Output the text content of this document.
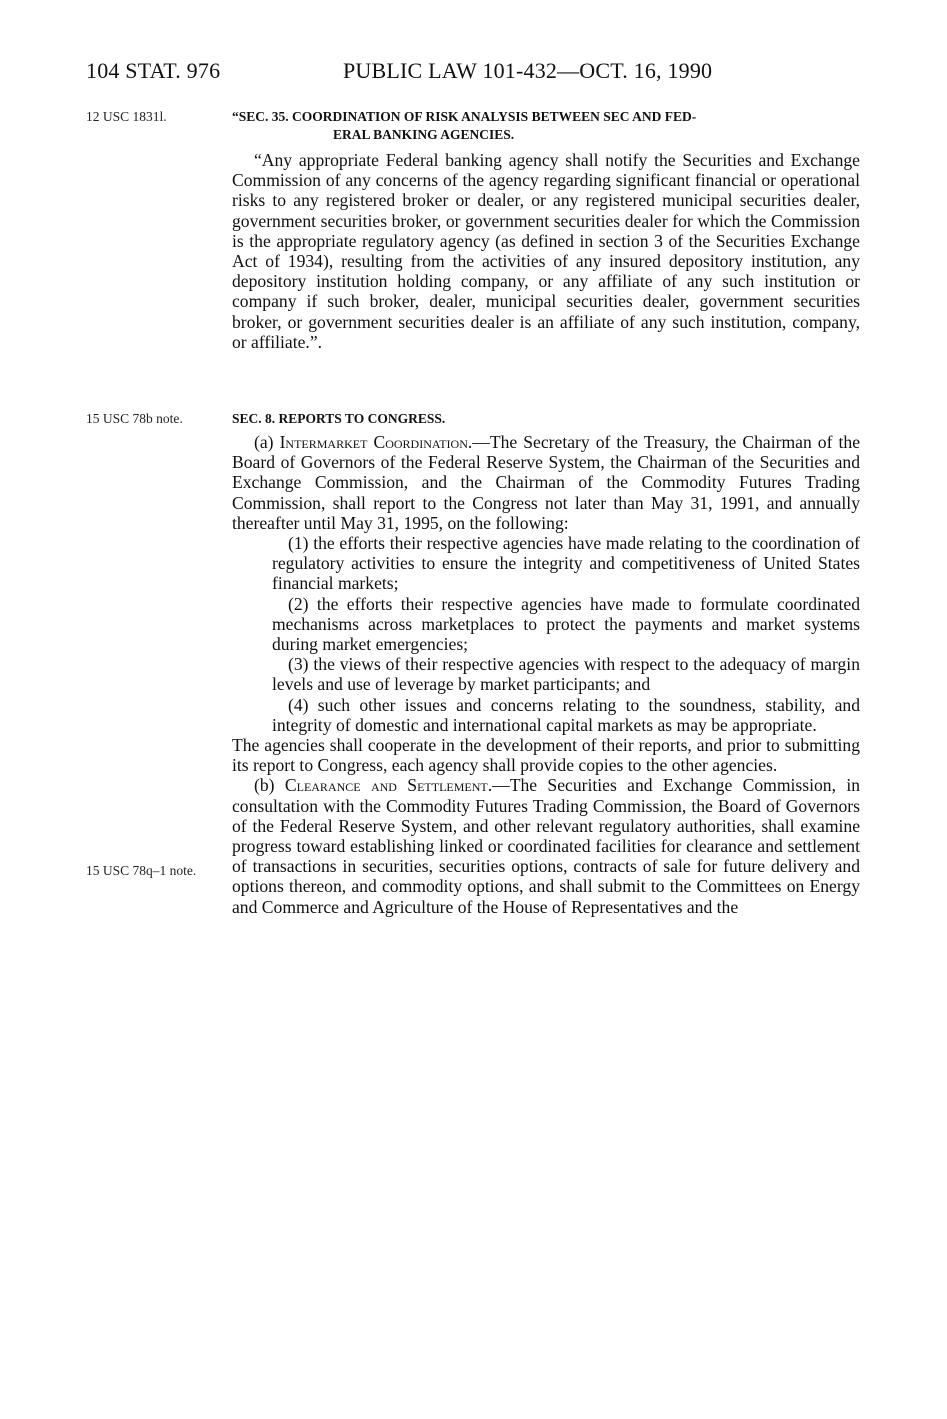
104 STAT. 976	PUBLIC LAW 101-432—OCT. 16, 1990
12 USC 1831l.	“SEC. 35. COORDINATION OF RISK ANALYSIS BETWEEN SEC AND FED-
ERAL BANKING AGENCIES.

“Any appropriate Federal banking agency shall notify the Securities and Exchange Commission of any concerns of the agency regarding significant financial or operational risks to any registered broker or dealer, or any registered municipal securities dealer, government securities broker, or government securities dealer for which the Commission is the appropriate regulatory agency (as defined in section 3 of the Securities Exchange Act of 1934), resulting from the activities of any insured depository institution, any depository institution holding company, or any affiliate of any such institution or company if such broker, dealer, municipal securities dealer, government securities broker, or government securities dealer is an affiliate of any such institution, company, or affiliate.”.

15 USC 78b note.	SEC. 8. REPORTS TO CONGRESS.

(a) Intermarket Coordination.—The Secretary of the Treasury, the Chairman of the Board of Governors of the Federal Reserve System, the Chairman of the Securities and Exchange Commission, and the Chairman of the Commodity Futures Trading Commission, shall report to the Congress not later than May 31, 1991, and annually thereafter until May 31, 1995, on the following:

(1) the efforts their respective agencies have made relating to the coordination of regulatory activities to ensure the integrity and competitiveness of United States financial markets;

(2) the efforts their respective agencies have made to formulate coordinated mechanisms across marketplaces to protect the payments and market systems during market emergencies;

(3) the views of their respective agencies with respect to the adequacy of margin levels and use of leverage by market participants; and

(4) such other issues and concerns relating to the soundness, stability, and integrity of domestic and international capital markets as may be appropriate.

The agencies shall cooperate in the development of their reports, and prior to submitting its report to Congress, each agency shall provide copies to the other agencies.

(b) Clearance and Settlement.—The Securities and Exchange Commission, in consultation with the Commodity Futures Trading Commission, the Board of Governors of the Federal Reserve System, and other relevant regulatory authorities, shall examine progress toward establishing linked or coordinated facilities for clearance and settlement of transactions in securities, securities options, contracts of sale for future delivery and options thereon, and commodity options, and shall submit to the Committees on Energy and Commerce and Agriculture of the House of Representatives and the

15 USC 78q–1 note.
